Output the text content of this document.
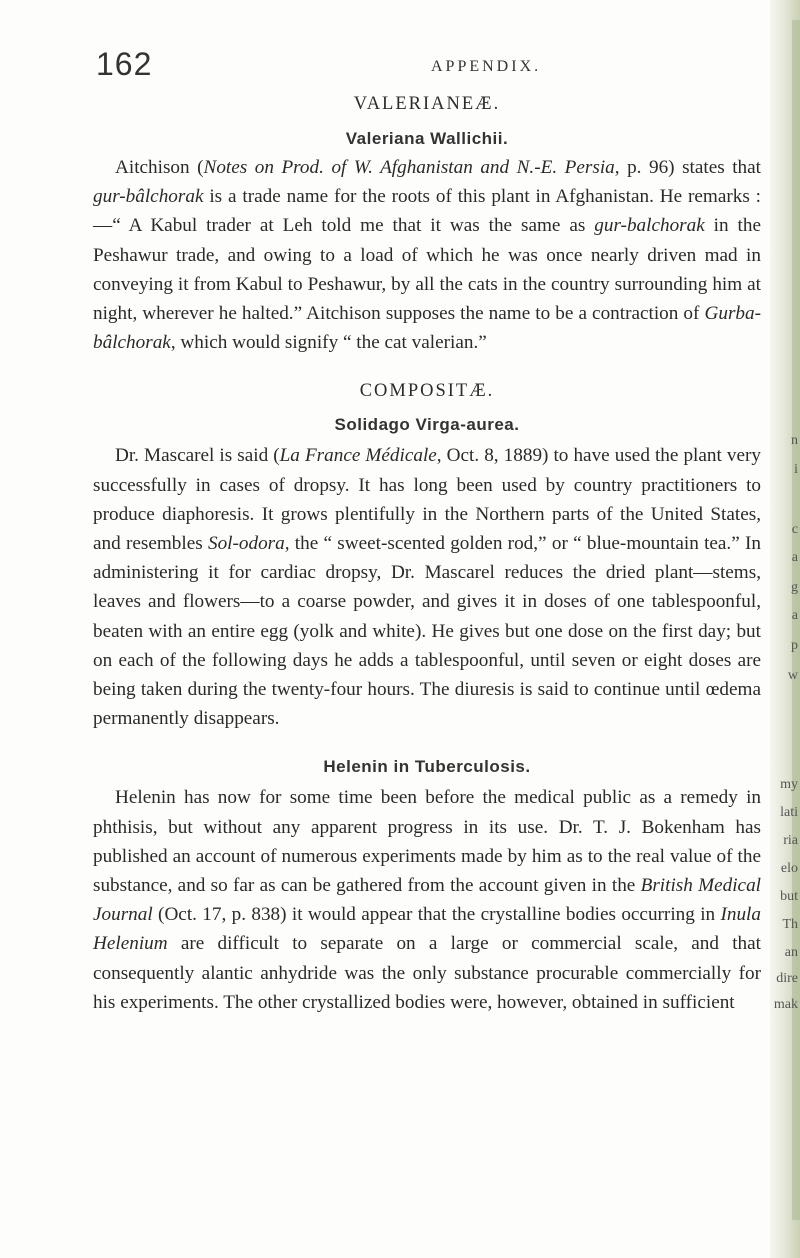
n
i
c
a
g
a
p
w
my
lati
ria
elo
but
Th
an
dire
mak
162	APPENDIX.
VALERIANEÆ.
Valeriana Wallichii.

Aitchison (Notes on Prod. of W. Afghanistan and N.-E. Persia, p. 96) states that gur-bâlchorak is a trade name for the roots of this plant in Afghanistan. He remarks :—“ A Kabul trader at Leh told me that it was the same as gur-balchorak in the Peshawur trade, and owing to a load of which he was once nearly driven mad in conveying it from Kabul to Peshawur, by all the cats in the country surrounding him at night, wherever he halted.” Aitchison supposes the name to be a contraction of Gurba-bâlchorak, which would signify “ the cat valerian.”

COMPOSITÆ.
Solidago Virga-aurea.

Dr. Mascarel is said (La France Médicale, Oct. 8, 1889) to have used the plant very successfully in cases of dropsy. It has long been used by country practitioners to produce diaphoresis. It grows plentifully in the Northern parts of the United States, and resembles Sol-odora, the “ sweet-scented golden rod,” or “ blue-mountain tea.” In administering it for cardiac dropsy, Dr. Mascarel reduces the dried plant—stems, leaves and flowers—to a coarse powder, and gives it in doses of one tablespoonful, beaten with an entire egg (yolk and white). He gives but one dose on the first day; but on each of the following days he adds a tablespoonful, until seven or eight doses are being taken during the twenty-four hours. The diuresis is said to continue until œdema permanently disappears.

Helenin in Tuberculosis.

Helenin has now for some time been before the medical public as a remedy in phthisis, but without any apparent progress in its use. Dr. T. J. Bokenham has published an account of numerous experiments made by him as to the real value of the substance, and so far as can be gathered from the account given in the British Medical Journal (Oct. 17, p. 838) it would appear that the crystalline bodies occurring in Inula Helenium are difficult to separate on a large or commercial scale, and that consequently alantic anhydride was the only substance procurable commercially for his experiments. The other crystallized bodies were, however, obtained in sufficient
